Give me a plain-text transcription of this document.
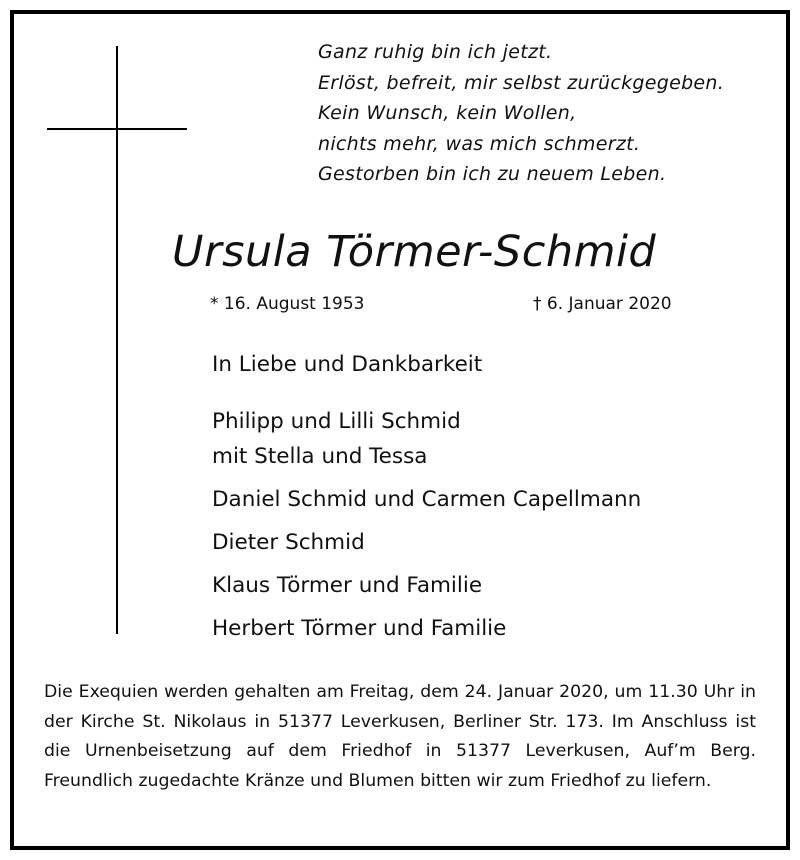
Ganz ruhig bin ich jetzt.
Erlöst, befreit, mir selbst zurückgegeben.
Kein Wunsch, kein Wollen,
nichts mehr, was mich schmerzt.
Gestorben bin ich zu neuem Leben.
Ursula Törmer-Schmid
* 16. August 1953	† 6. Januar 2020
In Liebe und Dankbarkeit
Philipp und Lilli Schmid
mit Stella und Tessa
Daniel Schmid und Carmen Capellmann
Dieter Schmid
Klaus Törmer und Familie
Herbert Törmer und Familie
Die Exequien werden gehalten am Freitag, dem 24. Januar 2020, um 11.30 Uhr in der Kirche St. Nikolaus in 51377 Leverkusen, Berliner Str. 173. Im Anschluss ist die Urnenbeisetzung auf dem Friedhof in 51377 Leverkusen, Auf’m Berg. Freundlich zugedachte Kränze und Blumen bitten wir zum Friedhof zu liefern.
